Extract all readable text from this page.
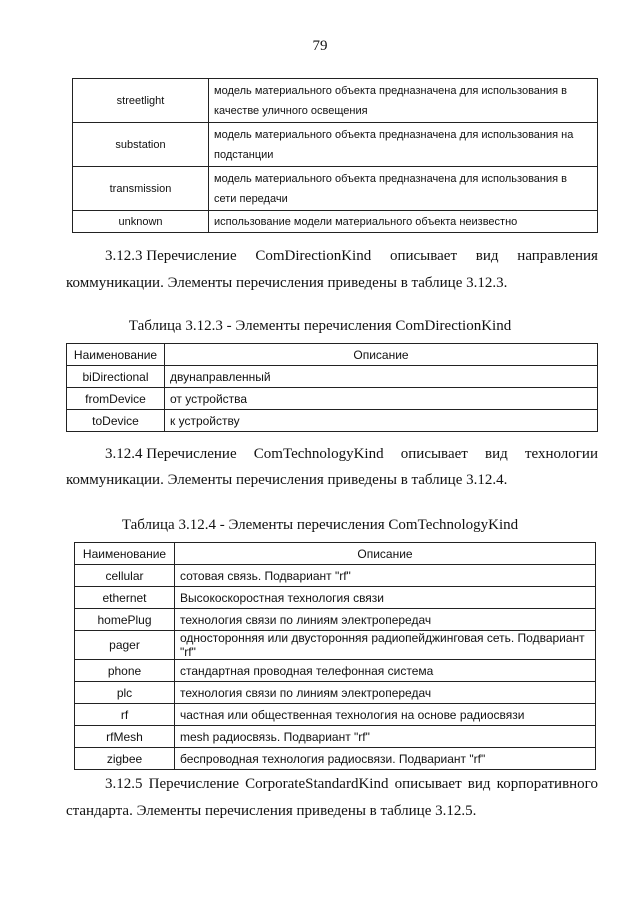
79
streetlight	модель материального объекта предназначена для использования в
качестве уличного освещения
substation	модель материального объекта предназначена для использования на
подстанции
transmission	модель материального объекта предназначена для использования в
сети передачи
unknown	использование модели материального объекта неизвестно
3.12.3 Перечисление ComDirectionKind описывает вид направления
коммуникации. Элементы перечисления приведены в таблице 3.12.3.
Таблица 3.12.3 - Элементы перечисления ComDirectionKind
Наименование	Описание
biDirectional	двунаправленный
fromDevice	от устройства
toDevice	к устройству
3.12.4 Перечисление ComTechnologyKind описывает вид технологии
коммуникации. Элементы перечисления приведены в таблице 3.12.4.
Таблица 3.12.4 - Элементы перечисления ComTechnologyKind
Наименование	Описание
cellular	сотовая связь. Подвариант "rf"
ethernet	Высокоскоростная технология связи
homePlug	технология связи по линиям электропередач
pager	односторонняя или двусторонняя радиопейджинговая сеть. Подвариант "rf"
phone	стандартная проводная телефонная система
plc	технология связи по линиям электропередач
rf	частная или общественная технология на основе радиосвязи
rfMesh	mesh радиосвязь. Подвариант "rf"
zigbee	беспроводная технология радиосвязи. Подвариант "rf"
3.12.5 Перечисление CorporateStandardKind описывает вид корпоративного
стандарта. Элементы перечисления приведены в таблице 3.12.5.
